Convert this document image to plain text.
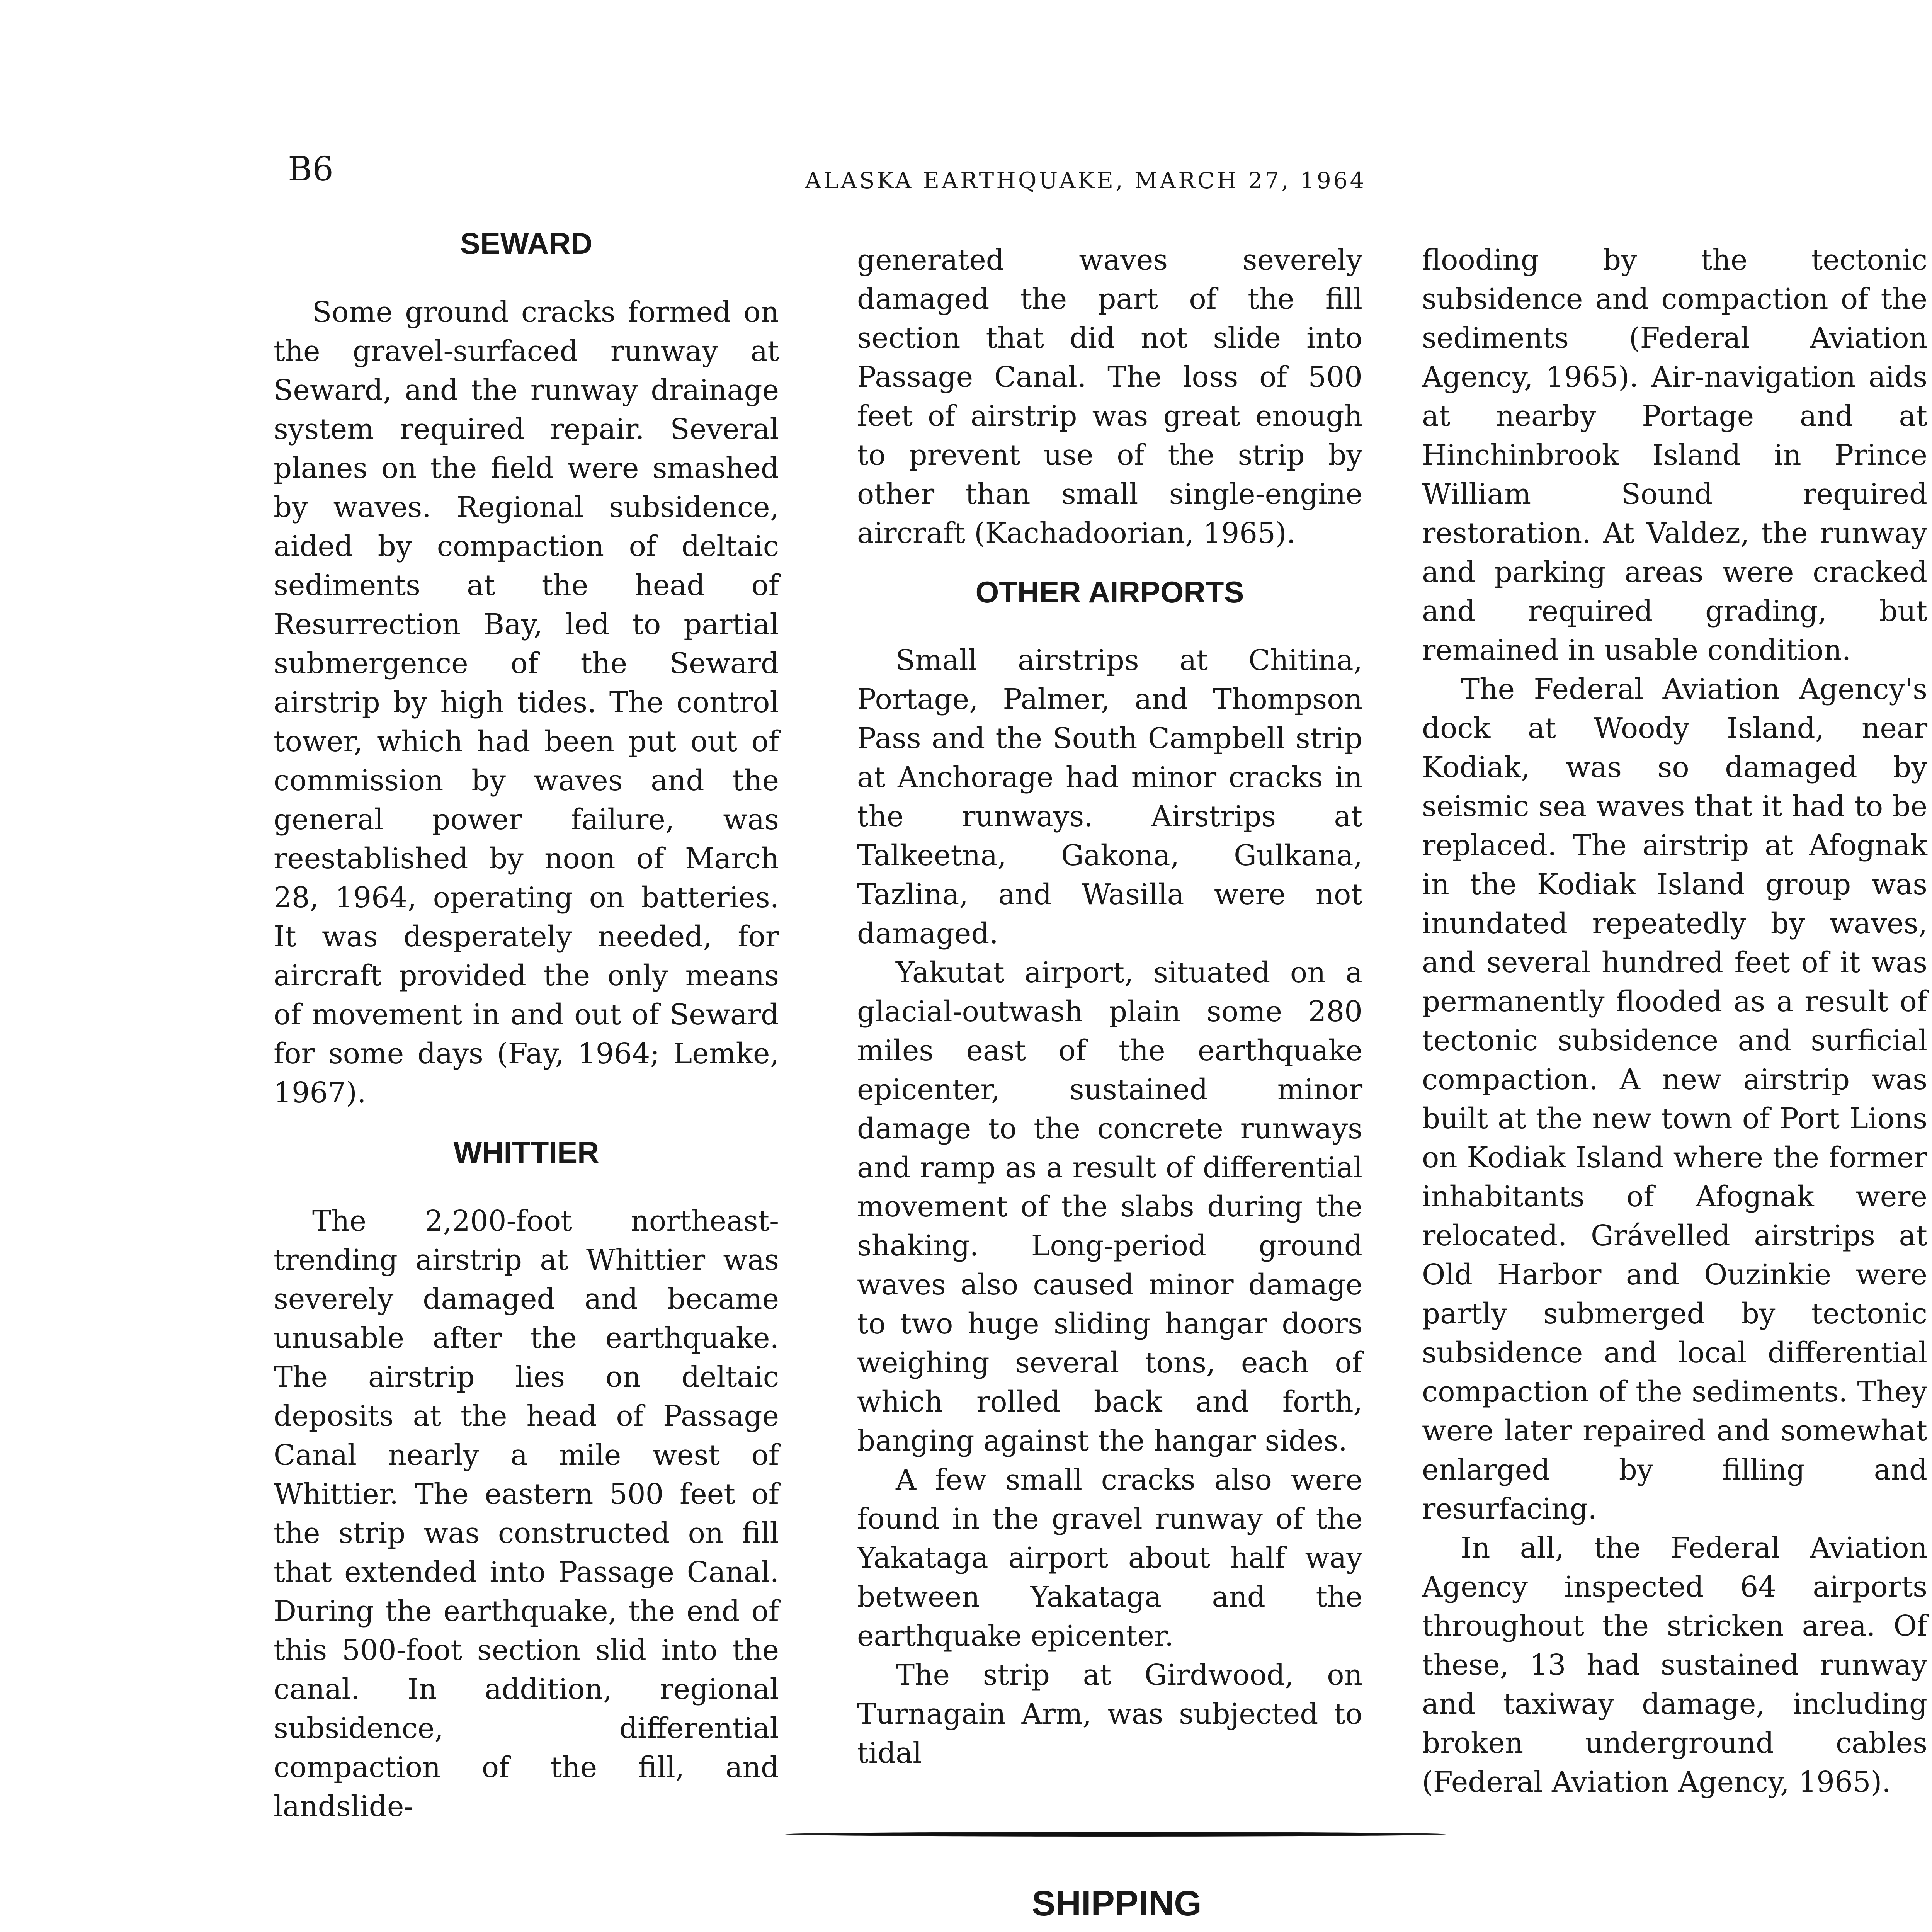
B6	ALASKA EARTHQUAKE, MARCH 27, 1964
SEWARD

Some ground cracks formed on the gravel-surfaced runway at Seward, and the runway drainage system required repair. Several planes on the field were smashed by waves. Regional subsidence, aided by compaction of deltaic sediments at the head of Resurrection Bay, led to partial submergence of the Seward airstrip by high tides. The control tower, which had been put out of commission by waves and the general power failure, was reestablished by noon of March 28, 1964, operating on batteries. It was desperately needed, for aircraft provided the only means of movement in and out of Seward for some days (Fay, 1964; Lemke, 1967).

WHITTIER

The 2,200-foot northeast-trending airstrip at Whittier was severely damaged and became unusable after the earthquake. The airstrip lies on deltaic deposits at the head of Passage Canal nearly a mile west of Whittier. The eastern 500 feet of the strip was constructed on fill that extended into Passage Canal. During the earthquake, the end of this 500-foot section slid into the canal. In addition, regional subsidence, differential compaction of the fill, and landslide-

generated waves severely damaged the part of the fill section that did not slide into Passage Canal. The loss of 500 feet of airstrip was great enough to prevent use of the strip by other than small single-engine aircraft (Kachadoorian, 1965).

OTHER AIRPORTS

Small airstrips at Chitina, Portage, Palmer, and Thompson Pass and the South Campbell strip at Anchorage had minor cracks in the runways. Airstrips at Talkeetna, Gakona, Gulkana, Tazlina, and Wasilla were not damaged.

Yakutat airport, situated on a glacial-outwash plain some 280 miles east of the earthquake epicenter, sustained minor damage to the concrete runways and ramp as a result of differential movement of the slabs during the shaking. Long-period ground waves also caused minor damage to two huge sliding hangar doors weighing several tons, each of which rolled back and forth, banging against the hangar sides.

A few small cracks also were found in the gravel runway of the Yakataga airport about half way between Yakataga and the earthquake epicenter.

The strip at Girdwood, on Turnagain Arm, was subjected to tidal

flooding by the tectonic subsidence and compaction of the sediments (Federal Aviation Agency, 1965). Air-navigation aids at nearby Portage and at Hinchinbrook Island in Prince William Sound required restoration. At Valdez, the runway and parking areas were cracked and required grading, but remained in usable condition.

The Federal Aviation Agency's dock at Woody Island, near Kodiak, was so damaged by seismic sea waves that it had to be replaced. The airstrip at Afognak in the Kodiak Island group was inundated repeatedly by waves, and several hundred feet of it was permanently flooded as a result of tectonic subsidence and surficial compaction. A new airstrip was built at the new town of Port Lions on Kodiak Island where the former inhabitants of Afognak were relocated. Grávelled airstrips at Old Harbor and Ouzinkie were partly submerged by tectonic subsidence and local differential compaction of the sediments. They were later repaired and somewhat enlarged by filling and resurfacing.

In all, the Federal Aviation Agency inspected 64 airports throughout the stricken area. Of these, 13 had sustained runway and taxiway damage, including broken underground cables (Federal Aviation Agency, 1965).

SHIPPING
